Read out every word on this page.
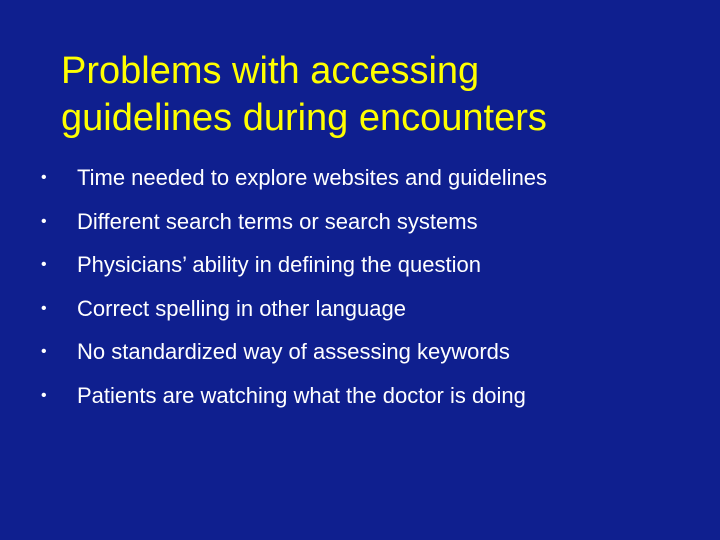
Problems with accessing
guidelines during encounters
• Time needed to explore websites and guidelines
• Different search terms or search systems
• Physicians’ ability in defining the question
• Correct spelling in other language
• No standardized way of assessing keywords
• Patients are watching what the doctor is doing
